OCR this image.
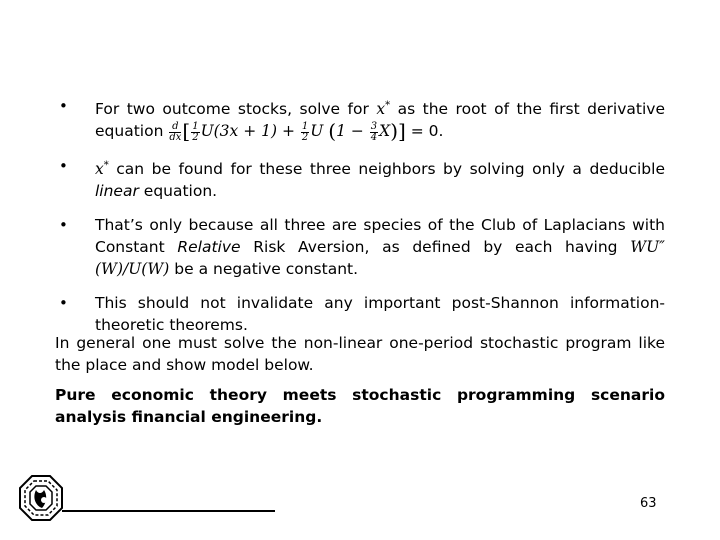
• For two outcome stocks, solve for x* as the root of the first derivative equation $\frac{d}{dx}$ [ $\frac{1}{2} U(3x + 1) + \frac{1}{2}$ U $(1 - \frac{3}{4} X)] = 0$.
• x* can be found for these three neighbors by solving only a deducible linear equation.
• That’s only because all three are species of the Club of Laplacians with Constant Relative Risk Aversion, as defined by each having WU″(W)/U(W) be a negative constant.
• This should not invalidate any important post-Shannon information-theoretic theorems.
In general one must solve the non-linear one-period stochastic program like the place and show model below.
Pure economic theory meets stochastic programming scenario analysis financial engineering.
63
